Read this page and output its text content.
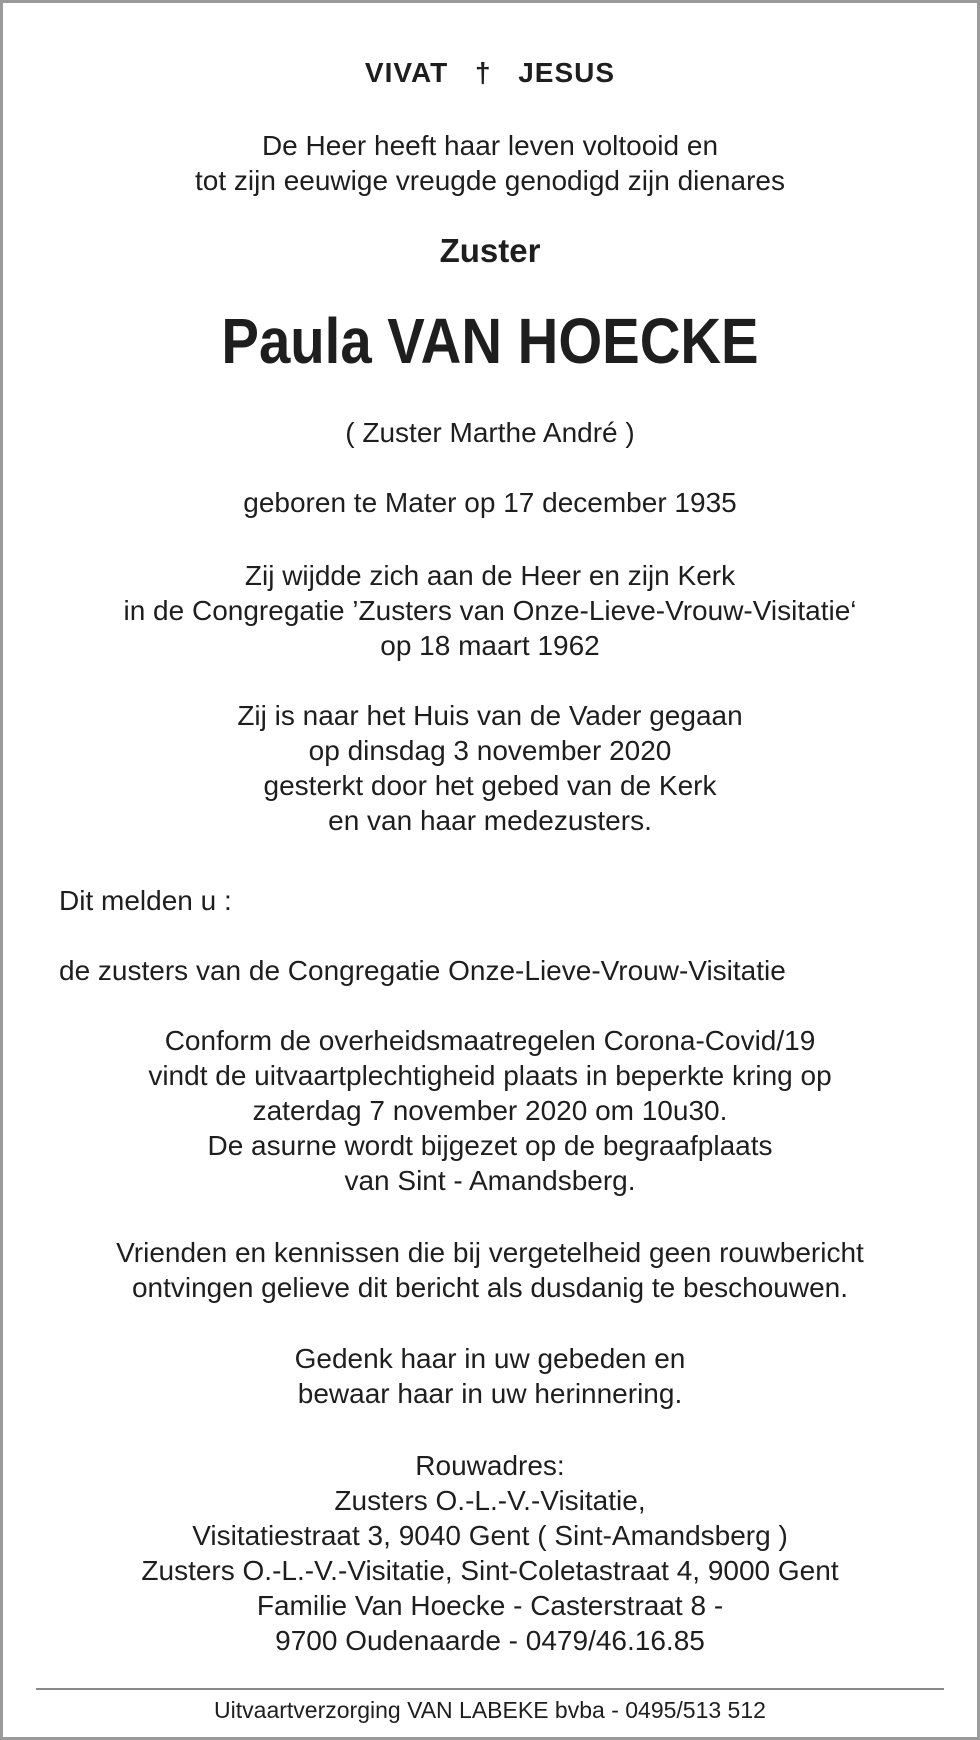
VIVAT † JESUS
De Heer heeft haar leven voltooid en
tot zijn eeuwige vreugde genodigd zijn dienares
Zuster
Paula VAN HOECKE
( Zuster Marthe André )
geboren te Mater op 17 december 1935
Zij wijdde zich aan de Heer en zijn Kerk
in de Congregatie ’Zusters van Onze-Lieve-Vrouw-Visitatie‘
op 18 maart 1962
Zij is naar het Huis van de Vader gegaan
op dinsdag 3 november 2020
gesterkt door het gebed van de Kerk
en van haar medezusters.
Dit melden u :
de zusters van de Congregatie Onze-Lieve-Vrouw-Visitatie
Conform de overheidsmaatregelen Corona-Covid/19
vindt de uitvaartplechtigheid plaats in beperkte kring op
zaterdag 7 november 2020 om 10u30.
De asurne wordt bijgezet op de begraafplaats
van Sint - Amandsberg.
Vrienden en kennissen die bij vergetelheid geen rouwbericht
ontvingen gelieve dit bericht als dusdanig te beschouwen.
Gedenk haar in uw gebeden en
bewaar haar in uw herinnering.
Rouwadres:
Zusters O.-L.-V.-Visitatie,
Visitatiestraat 3, 9040 Gent ( Sint-Amandsberg )
Zusters O.-L.-V.-Visitatie, Sint-Coletastraat 4, 9000 Gent
Familie Van Hoecke - Casterstraat 8 -
9700 Oudenaarde - 0479/46.16.85
Uitvaartverzorging VAN LABEKE bvba - 0495/513 512
